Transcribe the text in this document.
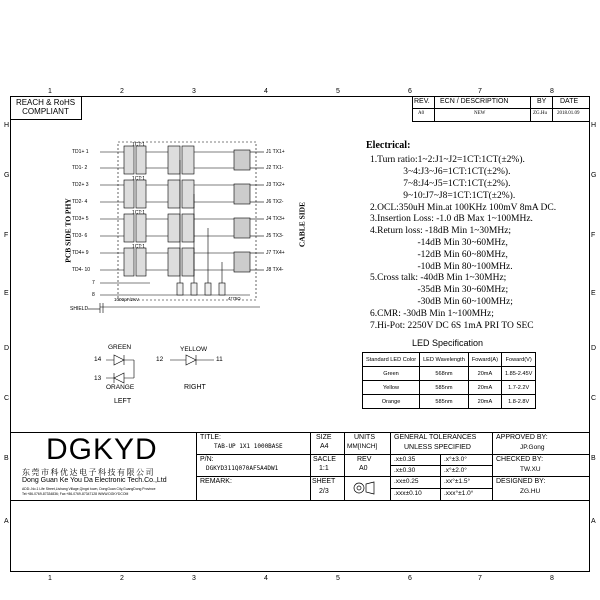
1	2	3	4	5	6	7	8
1	2	3	4	5	6	7	8
H
G
F
E
D
C
B
A
H
G
F
E
D
C
B
A
REACH & RoHS
COMPLIANT
REV. ECN / DESCRIPTION	BY DATE
A0	NEW	ZG.Hu 2018.01.09
TD1+ 1
TD1- 2
TD2+ 3
TD2- 4
TD3+ 5
TD3- 6
TD4+ 9
TD4- 10
7
8
J1 TX1+
J2 TX1-
J3 TX2+
J6 TX2-
J4 TX3+
J5 TX3-
J7 TX4+
J8 TX4-
1CT:1
1CT:1
1CT:1
1CT:1
1000pF/2KV	4*75Ω
SHIELD
PCB SIDE TO PHY	CABLE SIDE
GREEN
ORANGE
LEFT
14
13
YELLOW
12	11
RIGHT
Electrical:
1.Turn ratio:1~2:J1~J2=1CT:1CT(±2%).
3~4:J3~J6=1CT:1CT(±2%).
7~8:J4~J5=1CT:1CT(±2%).
9~10:J7~J8=1CT:1CT(±2%).
2.OCL:350uH Min.at 100KHz 100mV 8mA DC.
3.Insertion Loss: -1.0 dB Max 1~100MHz.
4.Return loss: -18dB Min 1~30MHz;
-14dB Min 30~60MHz,
-12dB Min 60~80MHz,
-10dB Min 80~100MHz.
5.Cross talk: -40dB Min 1~30MHz;
-35dB Min 30~60MHz;
-30dB Min 60~100MHz;
6.CMR: -30dB Min 1~100MHz;
7.Hi-Pot: 2250V DC 6S 1mA PRI TO SEC
LED Specification
Standard LED Color	LED Wavelength	Foward(A)	Foward(V)
Green	568nm	20mA	1.85-2.45V
Yellow	585nm	20mA	1.7-2.2V
Orange	585nm	20mA	1.8-2.8V
DGKYD
东莞市科优达电子科技有限公司
Dong Guan Ke You Da Electronic Tech.Co.,Ltd
ADD:-No.1 Life Street,Lishang Village,Qingxi town, DongGuan City,GuangDong Province
Tel:+86-0769-87334836; Fax:+86-0769-87347128 WWW.DGKYDCOM
TITLE:
TAB-UP 1X1 1000BASE
P/N:
DGKYD311Q070AF5A4DW1
REMARK:
SIZE
A4
SACLE
1:1
SHEET
2/3
UNITS
MM[INCH]
REV
A0
GENERAL TOLERANCES
UNLESS SPECIFIED
.x±0.35	.x°±3.0°
.x±0.30	.x°±2.0°
.xx±0.25	.xx°±1.5°
.xxx±0.10	.xxx°±1.0°
APPROVED BY:
JP.Gong
CHECKED BY:
TW.XU
DESIGNED BY:
ZG.HU
